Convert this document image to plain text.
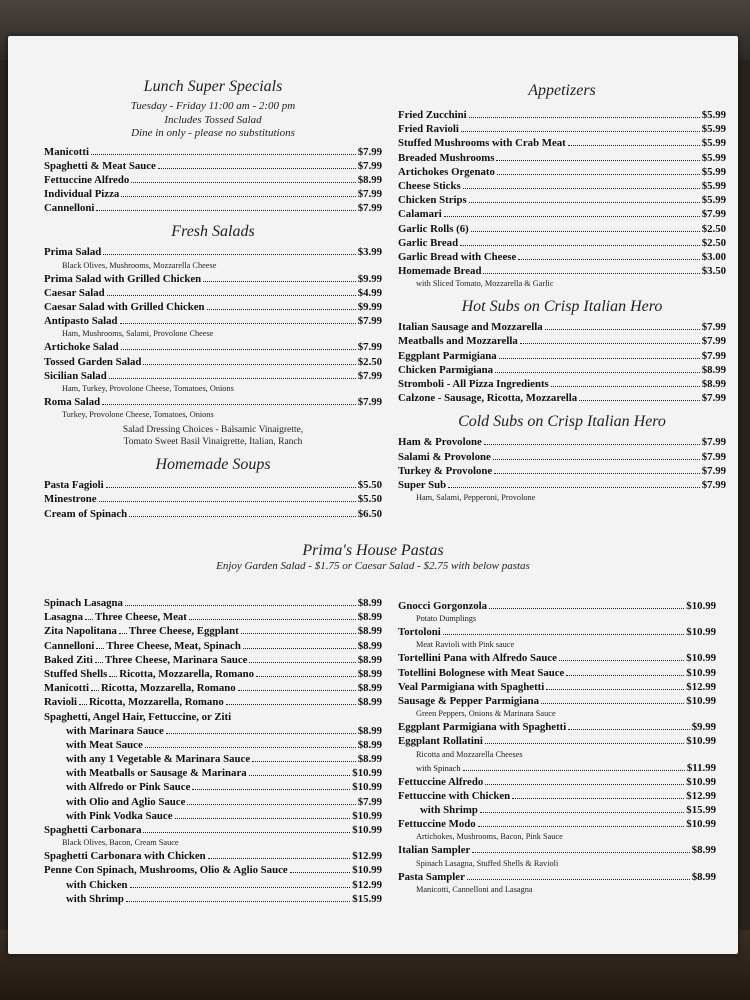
Lunch Super Specials
Tuesday - Friday 11:00 am - 2:00 pm
Includes Tossed Salad
Dine in only - please no substitutions
Manicotti	$7.99
Spaghetti & Meat Sauce	$7.99
Fettuccine Alfredo	$8.99
Individual Pizza	$7.99
Cannelloni	$7.99
Fresh Salads
Prima Salad	$3.99
Black Olives, Mushrooms, Mozzarella Cheese
Prima Salad with Grilled Chicken	$9.99
Caesar Salad	$4.99
Caesar Salad with Grilled Chicken	$9.99
Antipasto Salad	$7.99
Ham, Mushrooms, Salami, Provolone Cheese
Artichoke Salad	$7.99
Tossed Garden Salad	$2.50
Sicilian Salad	$7.99
Ham, Turkey, Provolone Cheese, Tomatoes, Onions
Roma Salad	$7.99
Turkey, Provolone Cheese, Tomatoes, Onions
Salad Dressing Choices - Balsamic Vinaigrette,
Tomato Sweet Basil Vinaigrette, Italian, Ranch
Homemade Soups
Pasta Fagioli	$5.50
Minestrone	$5.50
Cream of Spinach	$6.50
Appetizers
Fried Zucchini	$5.99
Fried Ravioli	$5.99
Stuffed Mushrooms with Crab Meat	$5.99
Breaded Mushrooms	$5.99
Artichokes Orgenato	$5.99
Cheese Sticks	$5.99
Chicken Strips	$5.99
Calamari	$7.99
Garlic Rolls (6)	$2.50
Garlic Bread	$2.50
Garlic Bread with Cheese	$3.00
Homemade Bread	$3.50
with Sliced Tomato, Mozzarella & Garlic
Hot Subs on Crisp Italian Hero
Italian Sausage and Mozzarella	$7.99
Meatballs and Mozzarella	$7.99
Eggplant Parmigiana	$7.99
Chicken Parmigiana	$8.99
Stromboli - All Pizza Ingredients	$8.99
Calzone - Sausage, Ricotta, Mozzarella	$7.99
Cold Subs on Crisp Italian Hero
Ham & Provolone	$7.99
Salami & Provolone	$7.99
Turkey & Provolone	$7.99
Super Sub	$7.99
Ham, Salami, Pepperoni, Provolone
Prima's House Pastas
Enjoy Garden Salad - $1.75 or Caesar Salad - $2.75 with below pastas
Spinach Lasagna	$8.99
Lasagna Three Cheese, Meat	$8.99
Zita Napolitana Three Cheese, Eggplant	$8.99
Cannelloni Three Cheese, Meat, Spinach	$8.99
Baked Ziti Three Cheese, Marinara Sauce	$8.99
Stuffed Shells Ricotta, Mozzarella, Romano	$8.99
Manicotti Ricotta, Mozzarella, Romano	$8.99
Ravioli Ricotta, Mozzarella, Romano	$8.99
Spaghetti, Angel Hair, Fettuccine, or Ziti
with Marinara Sauce	$8.99
with Meat Sauce	$8.99
with any 1 Vegetable & Marinara Sauce	$8.99
with Meatballs or Sausage & Marinara	$10.99
with Alfredo or Pink Sauce	$10.99
with Olio and Aglio Sauce	$7.99
with Pink Vodka Sauce	$10.99
Spaghetti Carbonara	$10.99
Black Olives, Bacon, Cream Sauce
Spaghetti Carbonara with Chicken	$12.99
Penne Con Spinach, Mushrooms, Olio & Aglio Sauce	$10.99
with Chicken	$12.99
with Shrimp	$15.99
Gnocci Gorgonzola	$10.99
Potato Dumplings
Tortoloni	$10.99
Meat Ravioli with Pink sauce
Tortellini Pana with Alfredo Sauce	$10.99
Totellini Bolognese with Meat Sauce	$10.99
Veal Parmigiana with Spaghetti	$12.99
Sausage & Pepper Parmigiana	$10.99
Green Peppers, Onions & Marinara Sauce
Eggplant Parmigiana with Spaghetti	$9.99
Eggplant Rollatini	$10.99
Ricotta and Mozzarella Cheeses
with Spinach	$11.99
Fettuccine Alfredo	$10.99
Fettuccine with Chicken	$12.99
with Shrimp	$15.99
Fettuccine Modo	$10.99
Artichokes, Mushrooms, Bacon, Pink Sauce
Italian Sampler	$8.99
Spinach Lasagna, Stuffed Shells & Ravioli
Pasta Sampler	$8.99
Manicotti, Cannelloni and Lasagna
